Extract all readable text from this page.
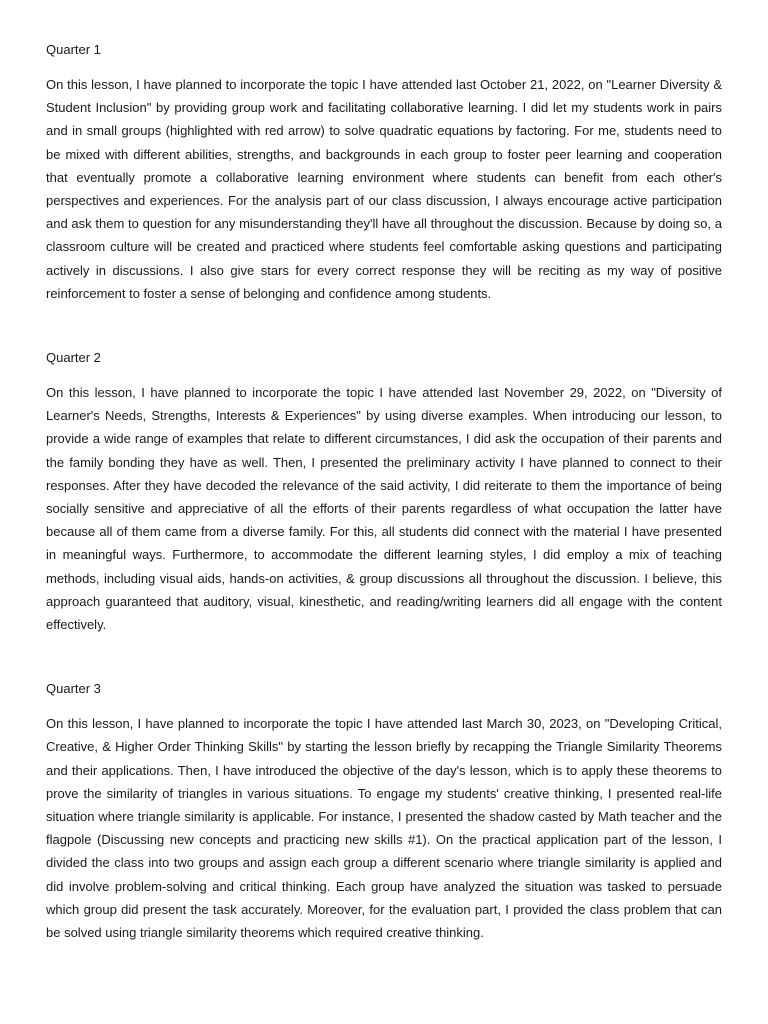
Quarter 1

On this lesson, I have planned to incorporate the topic I have attended last October 21, 2022, on "Learner Diversity & Student Inclusion" by providing group work and facilitating collaborative learning. I did let my students work in pairs and in small groups (highlighted with red arrow) to solve quadratic equations by factoring. For me, students need to be mixed with different abilities, strengths, and backgrounds in each group to foster peer learning and cooperation that eventually promote a collaborative learning environment where students can benefit from each other's perspectives and experiences. For the analysis part of our class discussion, I always encourage active participation and ask them to question for any misunderstanding they'll have all throughout the discussion. Because by doing so, a classroom culture will be created and practiced where students feel comfortable asking questions and participating actively in discussions. I also give stars for every correct response they will be reciting as my way of positive reinforcement to foster a sense of belonging and confidence among students.

Quarter 2

On this lesson, I have planned to incorporate the topic I have attended last November 29, 2022, on "Diversity of Learner's Needs, Strengths, Interests & Experiences" by using diverse examples. When introducing our lesson, to provide a wide range of examples that relate to different circumstances, I did ask the occupation of their parents and the family bonding they have as well. Then, I presented the preliminary activity I have planned to connect to their responses. After they have decoded the relevance of the said activity, I did reiterate to them the importance of being socially sensitive and appreciative of all the efforts of their parents regardless of what occupation the latter have because all of them came from a diverse family. For this, all students did connect with the material I have presented in meaningful ways. Furthermore, to accommodate the different learning styles, I did employ a mix of teaching methods, including visual aids, hands-on activities, & group discussions all throughout the discussion. I believe, this approach guaranteed that auditory, visual, kinesthetic, and reading/writing learners did all engage with the content effectively.

Quarter 3

On this lesson, I have planned to incorporate the topic I have attended last March 30, 2023, on "Developing Critical, Creative, & Higher Order Thinking Skills" by starting the lesson briefly by recapping the Triangle Similarity Theorems and their applications. Then, I have introduced the objective of the day's lesson, which is to apply these theorems to prove the similarity of triangles in various situations. To engage my students' creative thinking, I presented real-life situation where triangle similarity is applicable. For instance, I presented the shadow casted by Math teacher and the flagpole (Discussing new concepts and practicing new skills #1). On the practical application part of the lesson, I divided the class into two groups and assign each group a different scenario where triangle similarity is applied and did involve problem-solving and critical thinking. Each group have analyzed the situation was tasked to persuade which group did present the task accurately. Moreover, for the evaluation part, I provided the class problem that can be solved using triangle similarity theorems which required creative thinking.
